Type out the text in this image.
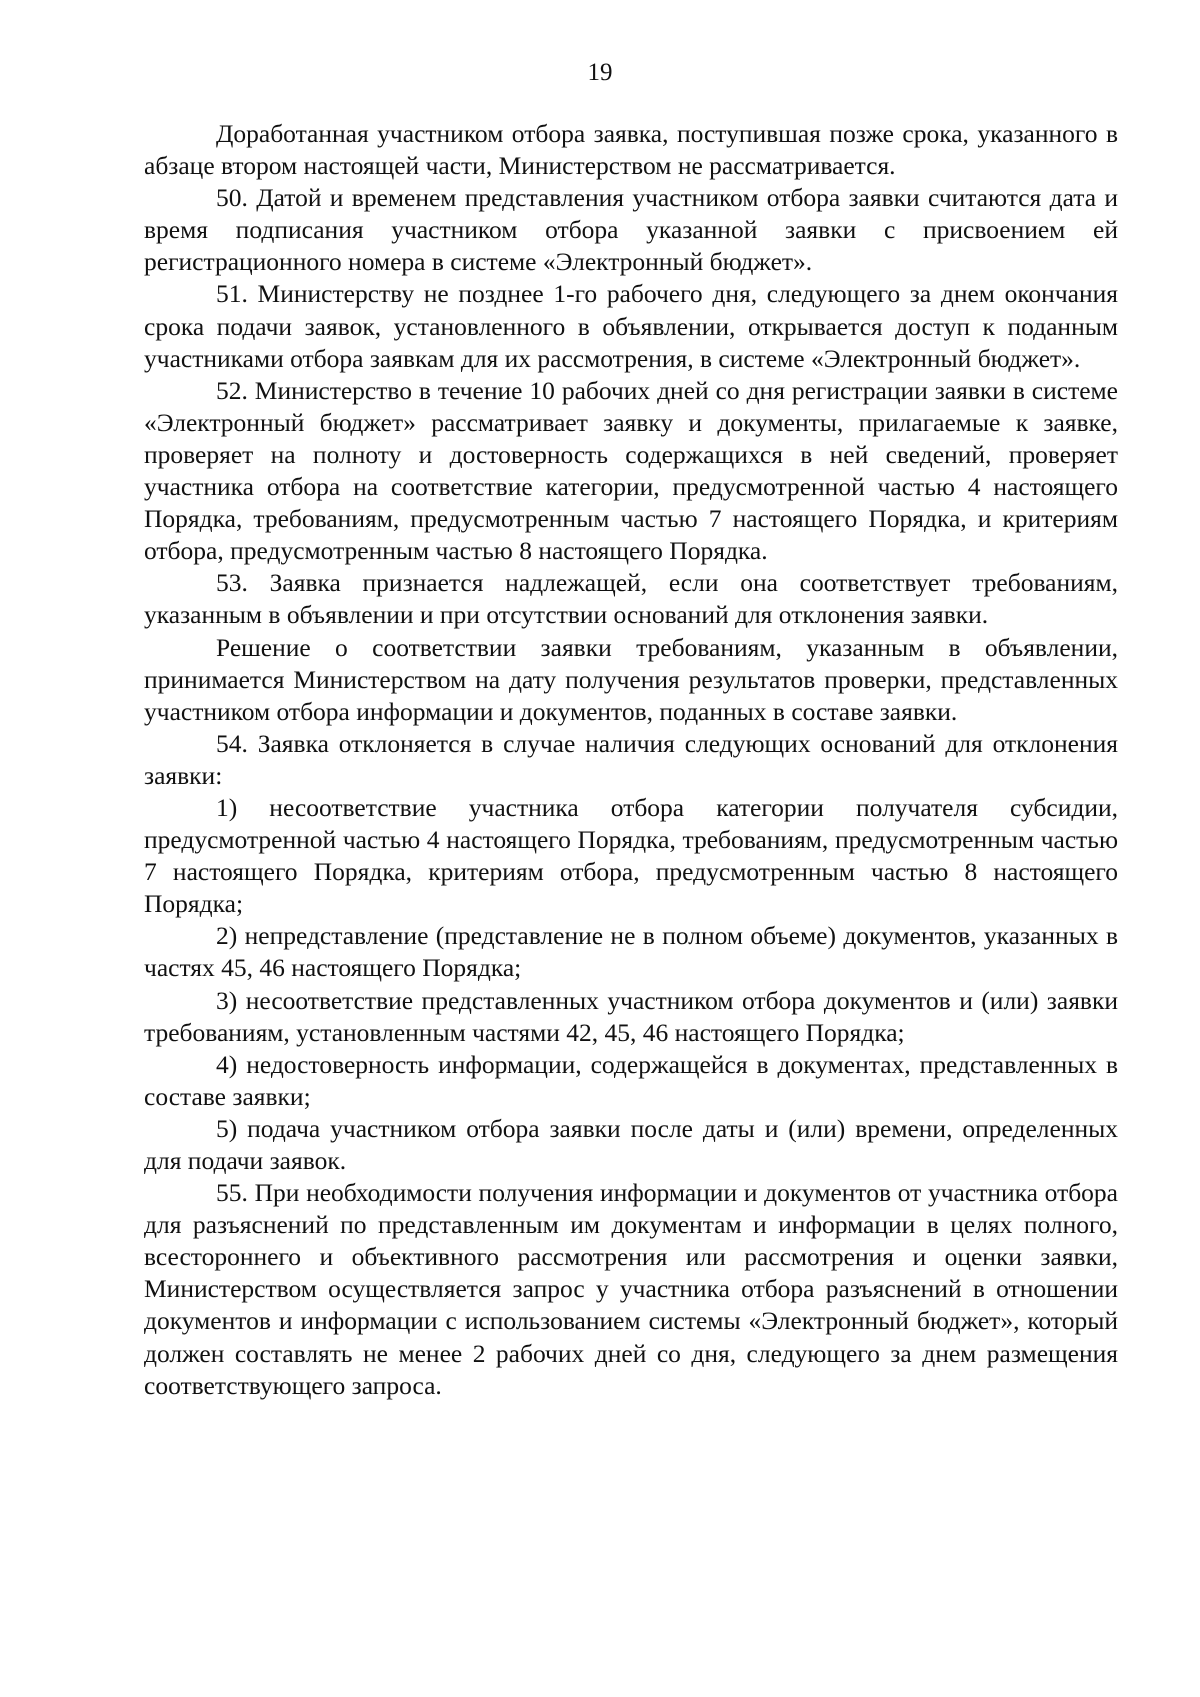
19

Доработанная участником отбора заявка, поступившая позже срока, указанного в абзаце втором настоящей части, Министерством не рассматривается.

50. Датой и временем представления участником отбора заявки считаются дата и время подписания участником отбора указанной заявки с присвоением ей регистрационного номера в системе «Электронный бюджет».

51. Министерству не позднее 1-го рабочего дня, следующего за днем окончания срока подачи заявок, установленного в объявлении, открывается доступ к поданным участниками отбора заявкам для их рассмотрения, в системе «Электронный бюджет».

52. Министерство в течение 10 рабочих дней со дня регистрации заявки в системе «Электронный бюджет» рассматривает заявку и документы, прилагаемые к заявке, проверяет на полноту и достоверность содержащихся в ней сведений, проверяет участника отбора на соответствие категории, предусмотренной частью 4 настоящего Порядка, требованиям, предусмотренным частью 7 настоящего Порядка, и критериям отбора, предусмотренным частью 8 настоящего Порядка.

53. Заявка признается надлежащей, если она соответствует требованиям, указанным в объявлении и при отсутствии оснований для отклонения заявки.

Решение о соответствии заявки требованиям, указанным в объявлении, принимается Министерством на дату получения результатов проверки, представленных участником отбора информации и документов, поданных в составе заявки.

54. Заявка отклоняется в случае наличия следующих оснований для отклонения заявки:

1) несоответствие участника отбора категории получателя субсидии, предусмотренной частью 4 настоящего Порядка, требованиям, предусмотренным частью 7 настоящего Порядка, критериям отбора, предусмотренным частью 8 настоящего Порядка;

2) непредставление (представление не в полном объеме) документов, указанных в частях 45, 46 настоящего Порядка;

3) несоответствие представленных участником отбора документов и (или) заявки требованиям, установленным частями 42, 45, 46 настоящего Порядка;

4) недостоверность информации, содержащейся в документах, представленных в составе заявки;

5) подача участником отбора заявки после даты и (или) времени, определенных для подачи заявок.

55. При необходимости получения информации и документов от участника отбора для разъяснений по представленным им документам и информации в целях полного, всестороннего и объективного рассмотрения или рассмотрения и оценки заявки, Министерством осуществляется запрос у участника отбора разъяснений в отношении документов и информации с использованием системы «Электронный бюджет», который должен составлять не менее 2 рабочих дней со дня, следующего за днем размещения соответствующего запроса.
